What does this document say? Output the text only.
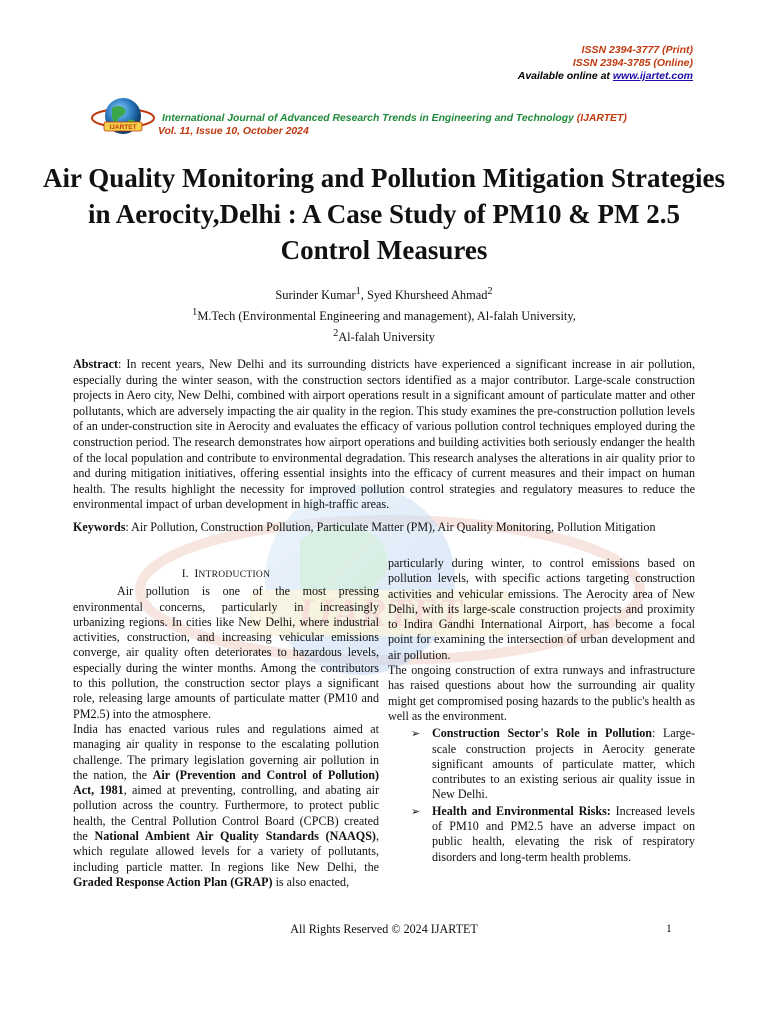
ISSN 2394-3777 (Print)
ISSN 2394-3785 (Online)
Available online at www.ijartet.com
IJARTET
International Journal of Advanced Research Trends in Engineering and Technology (IJARTET)
Vol. 11, Issue 10, October 2024
IJARTET
Air Quality Monitoring and Pollution Mitigation Strategies in Aerocity,Delhi : A Case Study of PM10 & PM 2.5 Control Measures
Surinder Kumar$^1$, Syed Khursheed Ahmad$^2$
$^1$M.Tech (Environmental Engineering and management), Al-falah University,
$^2$Al-falah University
Abstract: In recent years, New Delhi and its surrounding districts have experienced a significant increase in air pollution, especially during the winter season, with the construction sectors identified as a major contributor. Large-scale construction projects in Aero city, New Delhi, combined with airport operations result in a significant amount of particulate matter and other pollutants, which are adversely impacting the air quality in the region. This study examines the pre-construction pollution levels of an under-construction site in Aerocity and evaluates the efficacy of various pollution control techniques employed during the construction period. The research demonstrates how airport operations and building activities both seriously endanger the health of the local population and contribute to environmental degradation. This research analyses the alterations in air quality prior to and during mitigation initiatives, offering essential insights into the efficacy of current measures and their impact on human health. The results highlight the necessity for improved pollution control strategies and regulatory measures to reduce the environmental impact of urban development in high-traffic areas.
Keywords: Air Pollution, Construction Pollution, Particulate Matter (PM), Air Quality Monitoring, Pollution Mitigation
I. INTRODUCTION

Air pollution is one of the most pressing environmental concerns, particularly in increasingly urbanizing regions. In cities like New Delhi, where industrial activities, construction, and increasing vehicular emissions converge, air quality often deteriorates to hazardous levels, especially during the winter months. Among the contributors to this pollution, the construction sector plays a significant role, releasing large amounts of particulate matter (PM10 and PM2.5) into the atmosphere.

India has enacted various rules and regulations aimed at managing air quality in response to the escalating pollution challenge. The primary legislation governing air pollution in the nation, the Air (Prevention and Control of Pollution) Act, 1981, aimed at preventing, controlling, and abating air pollution across the country. Furthermore, to protect public health, the Central Pollution Control Board (CPCB) created the National Ambient Air Quality Standards (NAAQS), which regulate allowed levels for a variety of pollutants, including particle matter. In regions like New Delhi, the Graded Response Action Plan (GRAP) is also enacted,

particularly during winter, to control emissions based on pollution levels, with specific actions targeting construction activities and vehicular emissions. The Aerocity area of New Delhi, with its large-scale construction projects and proximity to Indira Gandhi International Airport, has become a focal point for examining the intersection of urban development and air pollution.

The ongoing construction of extra runways and infrastructure has raised questions about how the surrounding air quality might get compromised posing hazards to the public's health as well as the environment.

➢ Construction Sector's Role in Pollution: Large-scale construction projects in Aerocity generate significant amounts of particulate matter, which contributes to an existing serious air quality issue in New Delhi.
➢ Health and Environmental Risks: Increased levels of PM10 and PM2.5 have an adverse impact on public health, elevating the risk of respiratory disorders and long-term health problems.
All Rights Reserved © 2024 IJARTET	1
